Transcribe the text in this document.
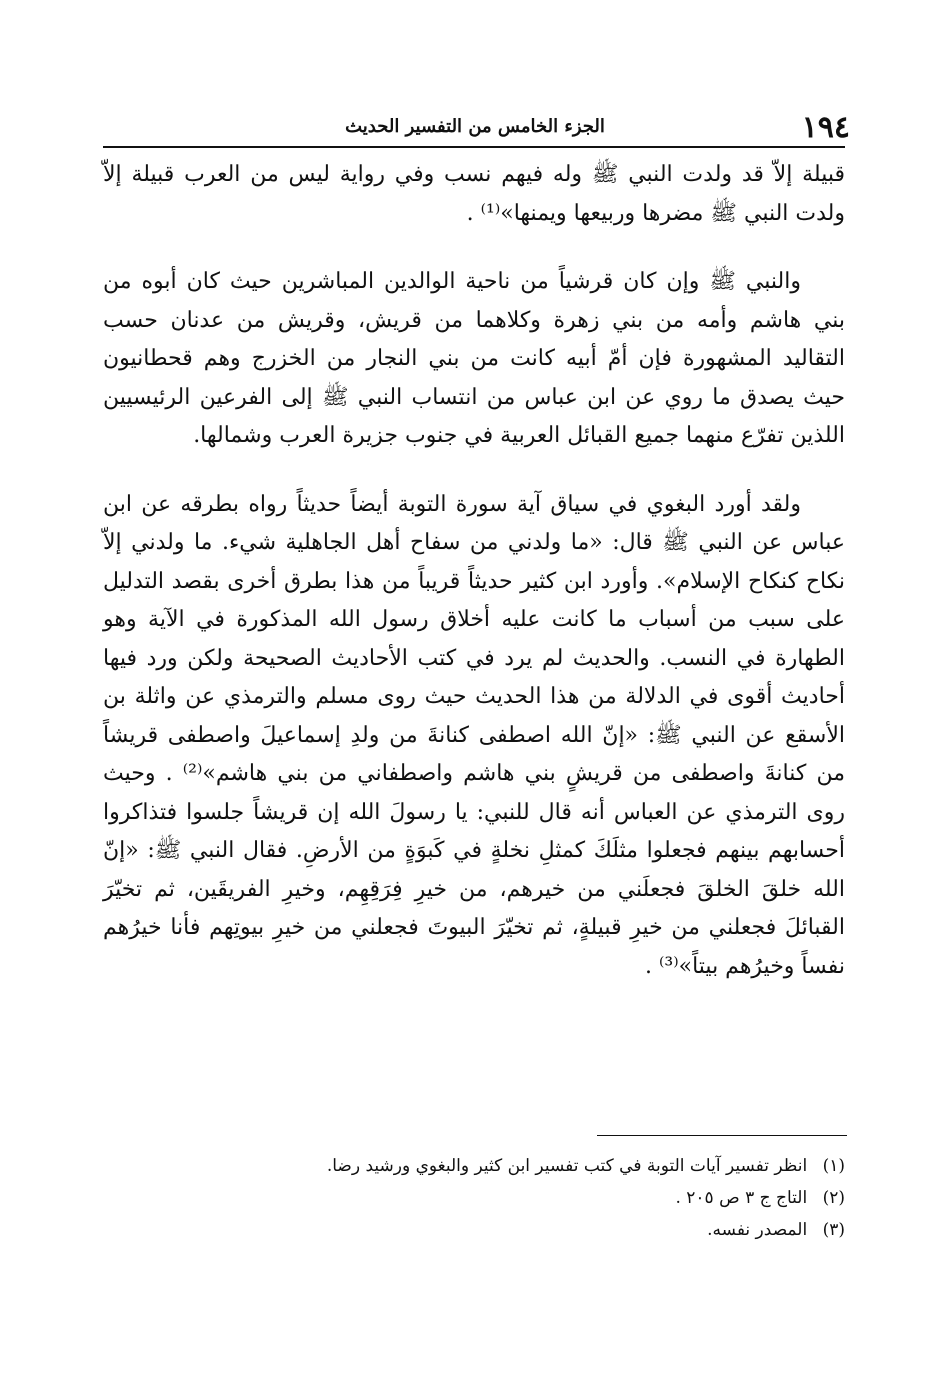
١٩٤
الجزء الخامس من التفسير الحديث

قبيلة إلاّ قد ولدت النبي ﷺ وله فيهم نسب وفي رواية ليس من العرب قبيلة إلاّ ولدت النبي ﷺ مضرها وربيعها ويمنها»⁽¹⁾ .

والنبي ﷺ وإن كان قرشياً من ناحية الوالدين المباشرين حيث كان أبوه من بني هاشم وأمه من بني زهرة وكلاهما من قريش، وقريش من عدنان حسب التقاليد المشهورة فإن أمّ أبيه كانت من بني النجار من الخزرج وهم قحطانيون حيث يصدق ما روي عن ابن عباس من انتساب النبي ﷺ إلى الفرعين الرئيسيين اللذين تفرّع منهما جميع القبائل العربية في جنوب جزيرة العرب وشمالها.

ولقد أورد البغوي في سياق آية سورة التوبة أيضاً حديثاً رواه بطرقه عن ابن عباس عن النبي ﷺ قال: «ما ولدني من سفاح أهل الجاهلية شيء. ما ولدني إلاّ نكاح كنكاح الإسلام». وأورد ابن كثير حديثاً قريباً من هذا بطرق أخرى بقصد التدليل على سبب من أسباب ما كانت عليه أخلاق رسول الله المذكورة في الآية وهو الطهارة في النسب. والحديث لم يرد في كتب الأحاديث الصحيحة ولكن ورد فيها أحاديث أقوى في الدلالة من هذا الحديث حيث روى مسلم والترمذي عن واثلة بن الأسقع عن النبي ﷺ: «إنّ الله اصطفى كنانةَ من ولدِ إسماعيلَ واصطفى قريشاً من كنانةَ واصطفى من قريشٍ بني هاشم واصطفاني من بني هاشم»⁽²⁾ . وحيث روى الترمذي عن العباس أنه قال للنبي: يا رسولَ الله إن قريشاً جلسوا فتذاكروا أحسابهم بينهم فجعلوا مثلَكَ كمثلِ نخلةٍ في كَبوَةٍ من الأرضِ. فقال النبي ﷺ: «إنّ الله خلقَ الخلقَ فجعلَني من خيرهم، من خيرِ فِرَقِهِم، وخيرِ الفريقَين، ثم تخيّرَ القبائلَ فجعلني من خيرِ قبيلةٍ، ثم تخيّرَ البيوتَ فجعلني من خيرِ بيوتِهم فأنا خيرُهم نفساً وخيرُهم بيتاً»⁽³⁾ .

(١) انظر تفسير آيات التوبة في كتب تفسير ابن كثير والبغوي ورشيد رضا.

(٢) التاج ج ٣ ص ٢٠٥ .

(٣) المصدر نفسه.
